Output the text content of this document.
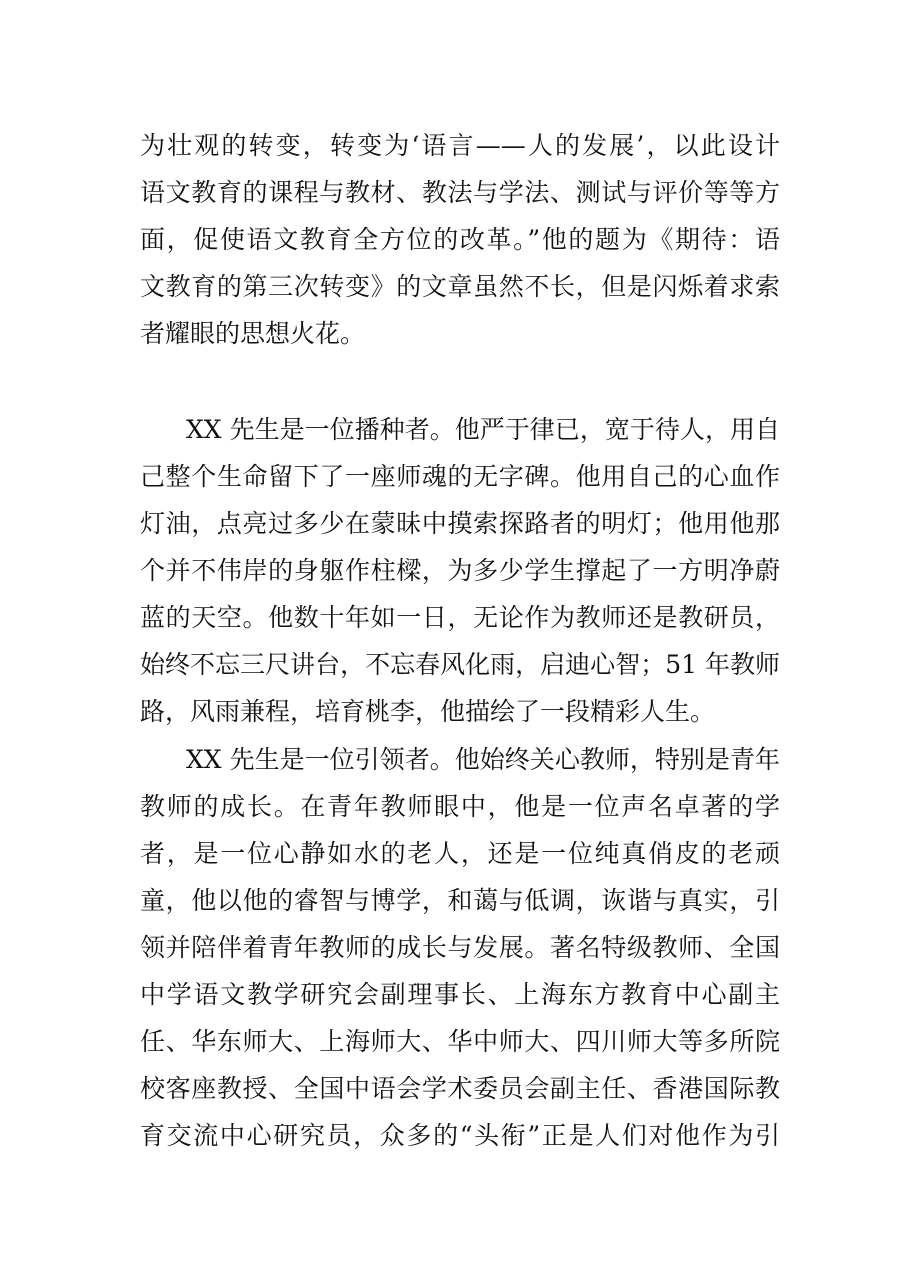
为壮观的转变，转变为‘语言——人的发展’，以此设计
语文教育的课程与教材、教法与学法、测试与评价等等方
面，促使语文教育全方位的改革。”他的题为《期待：语
文教育的第三次转变》的文章虽然不长，但是闪烁着求索
者耀眼的思想火花。
XX 先生是一位播种者。他严于律已，宽于待人，用自
己整个生命留下了一座师魂的无字碑。他用自己的心血作
灯油，点亮过多少在蒙昧中摸索探路者的明灯；他用他那
个并不伟岸的身躯作柱樑，为多少学生撑起了一方明净蔚
蓝的天空。他数十年如一日，无论作为教师还是教研员，
始终不忘三尺讲台，不忘春风化雨，启迪心智；51 年教师
路，风雨兼程，培育桃李，他描绘了一段精彩人生。
XX 先生是一位引领者。他始终关心教师，特别是青年
教师的成长。在青年教师眼中，他是一位声名卓著的学
者，是一位心静如水的老人，还是一位纯真俏皮的老顽
童，他以他的睿智与博学，和蔼与低调，诙谐与真实，引
领并陪伴着青年教师的成长与发展。著名特级教师、全国
中学语文教学研究会副理事长、上海东方教育中心副主
任、华东师大、上海师大、华中师大、四川师大等多所院
校客座教授、全国中语会学术委员会副主任、香港国际教
育交流中心研究员，众多的“头衔”正是人们对他作为引
